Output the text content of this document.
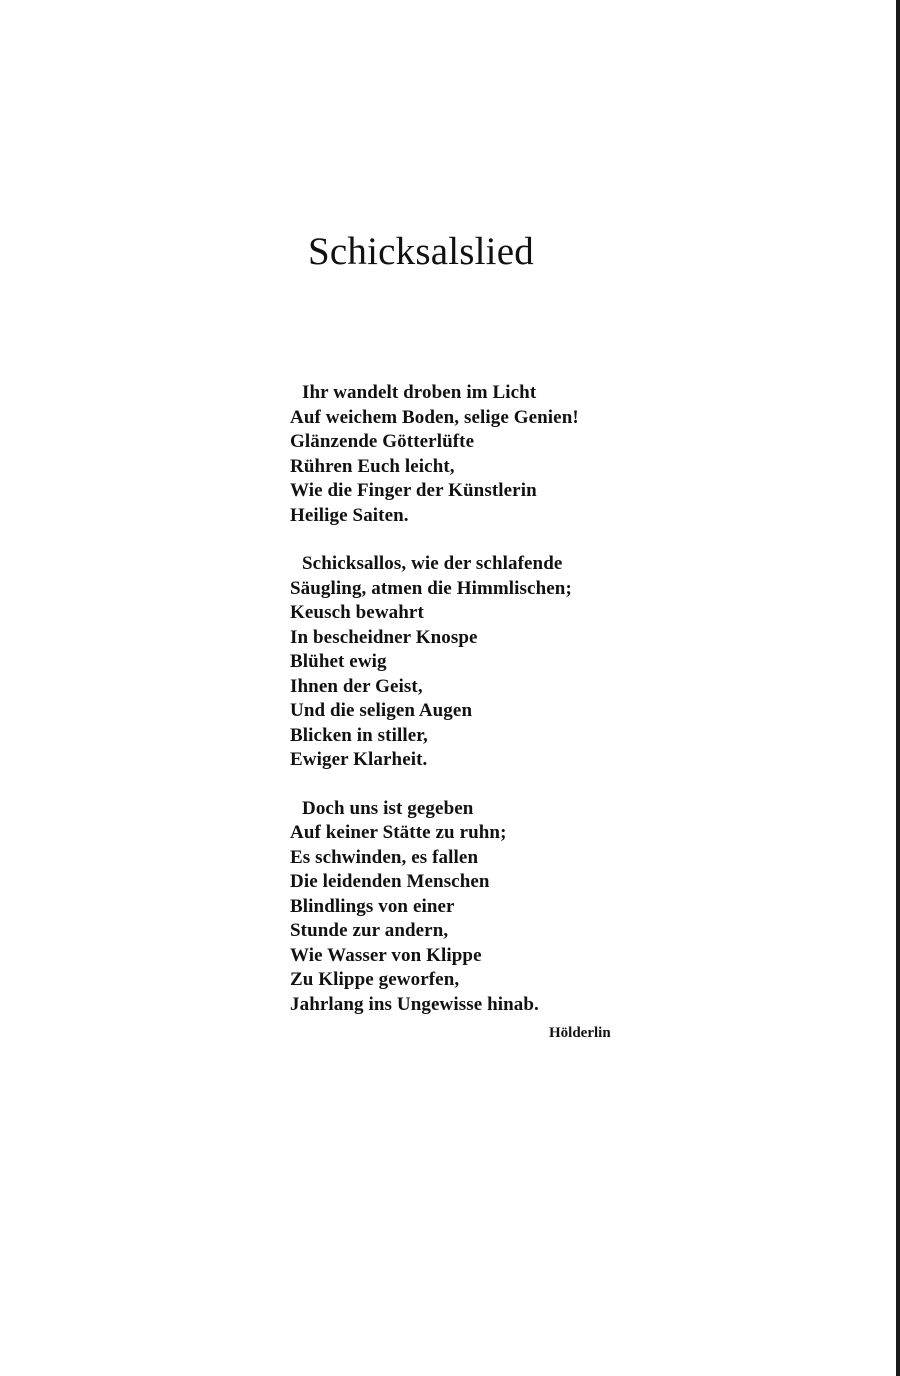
Schicksalslied
Ihr wandelt droben im Licht
Auf weichem Boden, selige Genien!
Glänzende Götterlüfte
Rühren Euch leicht,
Wie die Finger der Künstlerin
Heilige Saiten.
Schicksallos, wie der schlafende
Säugling, atmen die Himmlischen;
Keusch bewahrt
In bescheidner Knospe
Blühet ewig
Ihnen der Geist,
Und die seligen Augen
Blicken in stiller,
Ewiger Klarheit.
Doch uns ist gegeben
Auf keiner Stätte zu ruhn;
Es schwinden, es fallen
Die leidenden Menschen
Blindlings von einer
Stunde zur andern,
Wie Wasser von Klippe
Zu Klippe geworfen,
Jahrlang ins Ungewisse hinab.
Hölderlin
